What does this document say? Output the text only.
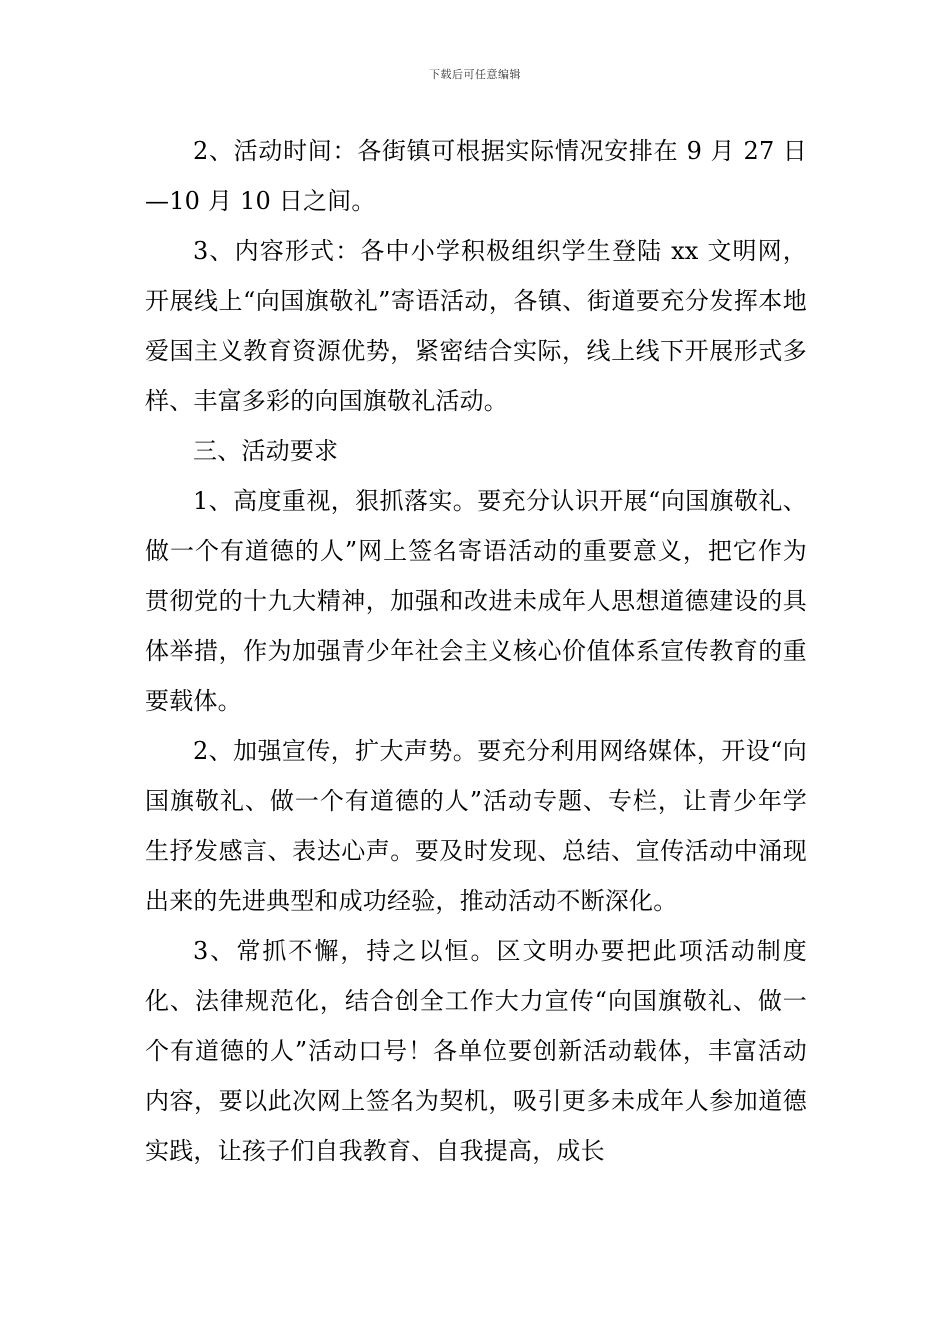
下载后可任意编辑

2、活动时间：各街镇可根据实际情况安排在 9 月 27 日—10 月 10 日之间。

3、内容形式：各中小学积极组织学生登陆 xx 文明网，开展线上“向国旗敬礼”寄语活动，各镇、街道要充分发挥本地爱国主义教育资源优势，紧密结合实际，线上线下开展形式多样、丰富多彩的向国旗敬礼活动。

三、活动要求

1、高度重视，狠抓落实。要充分认识开展“向国旗敬礼、做一个有道德的人”网上签名寄语活动的重要意义，把它作为贯彻党的十九大精神，加强和改进未成年人思想道德建设的具体举措，作为加强青少年社会主义核心价值体系宣传教育的重要载体。

2、加强宣传，扩大声势。要充分利用网络媒体，开设“向国旗敬礼、做一个有道德的人”活动专题、专栏，让青少年学生抒发感言、表达心声。要及时发现、总结、宣传活动中涌现出来的先进典型和成功经验，推动活动不断深化。

3、常抓不懈，持之以恒。区文明办要把此项活动制度化、法律规范化，结合创全工作大力宣传“向国旗敬礼、做一个有道德的人”活动口号！各单位要创新活动载体，丰富活动内容，要以此次网上签名为契机，吸引更多未成年人参加道德实践，让孩子们自我教育、自我提高，成长
